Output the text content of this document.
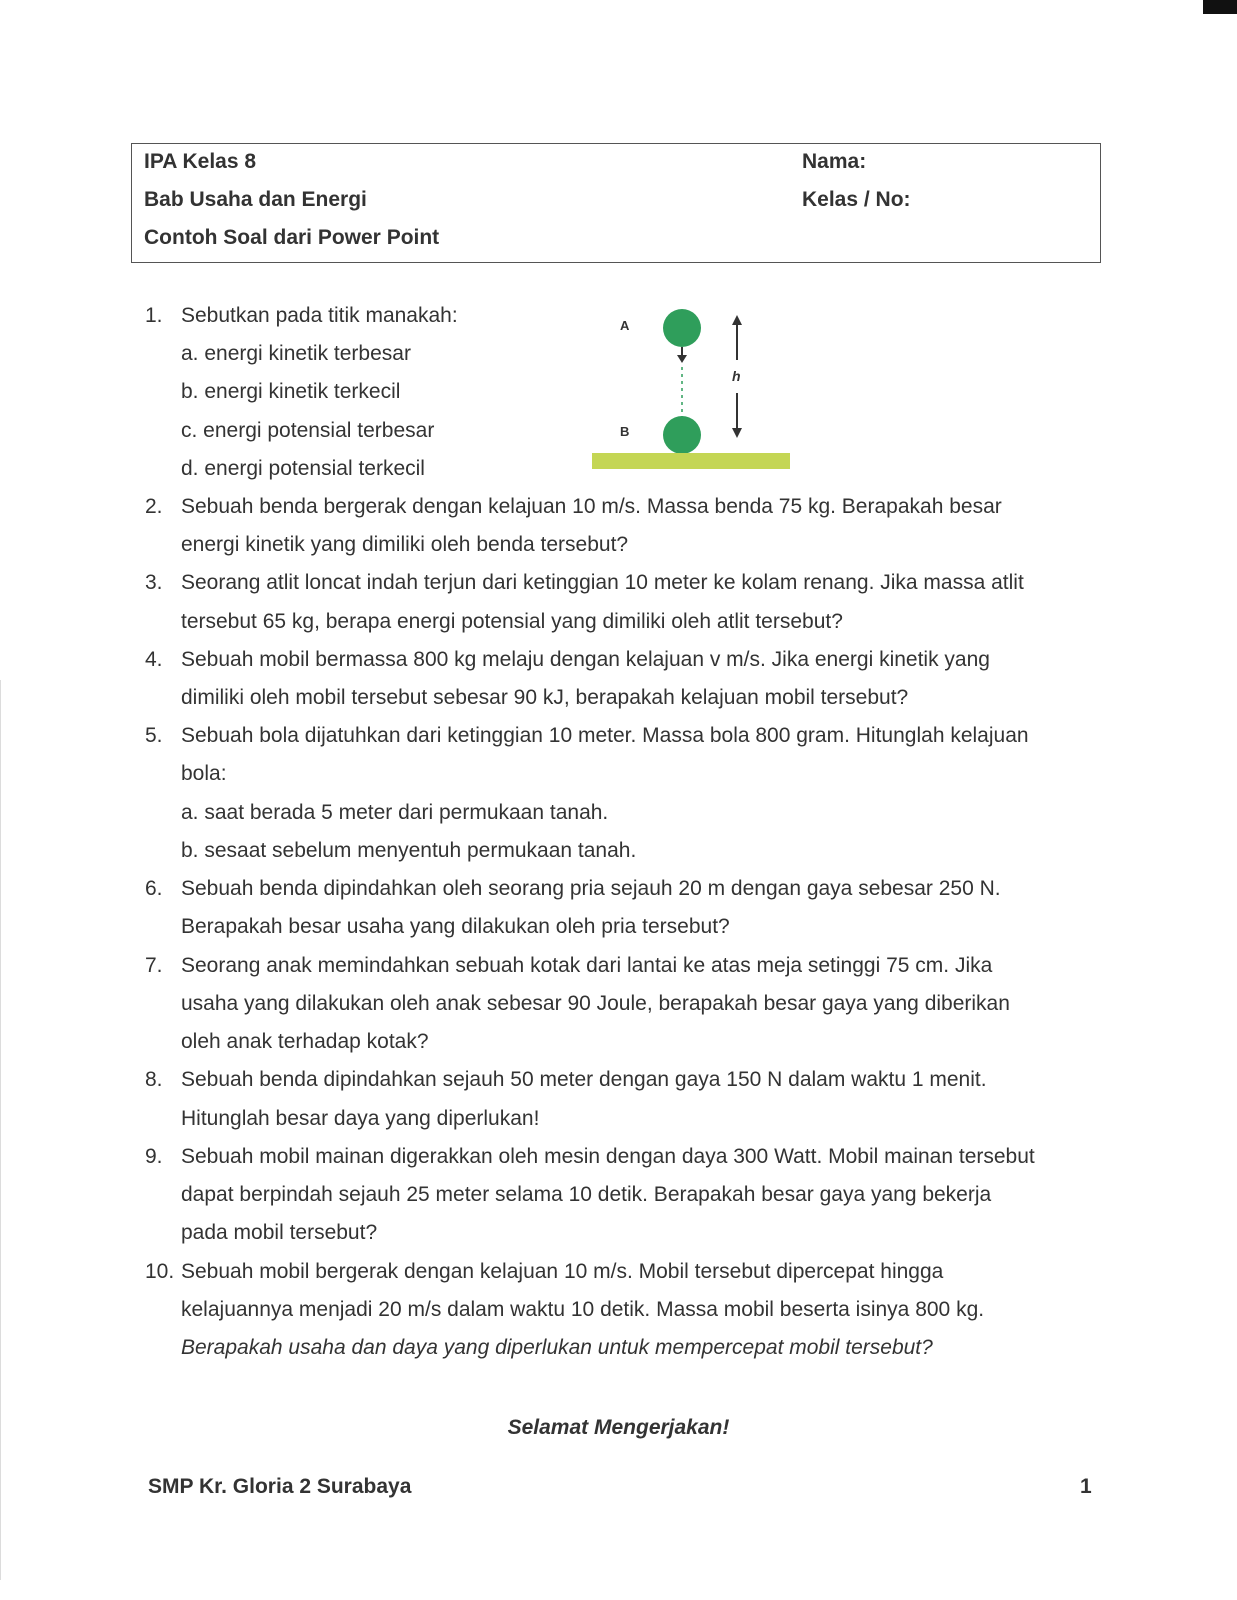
IPA Kelas 8
Bab Usaha dan Energi
Contoh Soal dari Power Point
Nama:
Kelas / No:
A
B
h
1. Sebutkan pada titik manakah:
a. energi kinetik terbesar
b. energi kinetik terkecil
c. energi potensial terbesar
d. energi potensial terkecil
2. Sebuah benda bergerak dengan kelajuan 10 m/s. Massa benda 75 kg. Berapakah besar
energi kinetik yang dimiliki oleh benda tersebut?
3. Seorang atlit loncat indah terjun dari ketinggian 10 meter ke kolam renang. Jika massa atlit
tersebut 65 kg, berapa energi potensial yang dimiliki oleh atlit tersebut?
4. Sebuah mobil bermassa 800 kg melaju dengan kelajuan v m/s. Jika energi kinetik yang
dimiliki oleh mobil tersebut sebesar 90 kJ, berapakah kelajuan mobil tersebut?
5. Sebuah bola dijatuhkan dari ketinggian 10 meter. Massa bola 800 gram. Hitunglah kelajuan
bola:
a. saat berada 5 meter dari permukaan tanah.
b. sesaat sebelum menyentuh permukaan tanah.
6. Sebuah benda dipindahkan oleh seorang pria sejauh 20 m dengan gaya sebesar 250 N.
Berapakah besar usaha yang dilakukan oleh pria tersebut?
7. Seorang anak memindahkan sebuah kotak dari lantai ke atas meja setinggi 75 cm. Jika
usaha yang dilakukan oleh anak sebesar 90 Joule, berapakah besar gaya yang diberikan
oleh anak terhadap kotak?
8. Sebuah benda dipindahkan sejauh 50 meter dengan gaya 150 N dalam waktu 1 menit.
Hitunglah besar daya yang diperlukan!
9. Sebuah mobil mainan digerakkan oleh mesin dengan daya 300 Watt. Mobil mainan tersebut
dapat berpindah sejauh 25 meter selama 10 detik. Berapakah besar gaya yang bekerja
pada mobil tersebut?
10. Sebuah mobil bergerak dengan kelajuan 10 m/s. Mobil tersebut dipercepat hingga
kelajuannya menjadi 20 m/s dalam waktu 10 detik. Massa mobil beserta isinya 800 kg.
Berapakah usaha dan daya yang diperlukan untuk mempercepat mobil tersebut?
Selamat Mengerjakan!
SMP Kr. Gloria 2 Surabaya	1
